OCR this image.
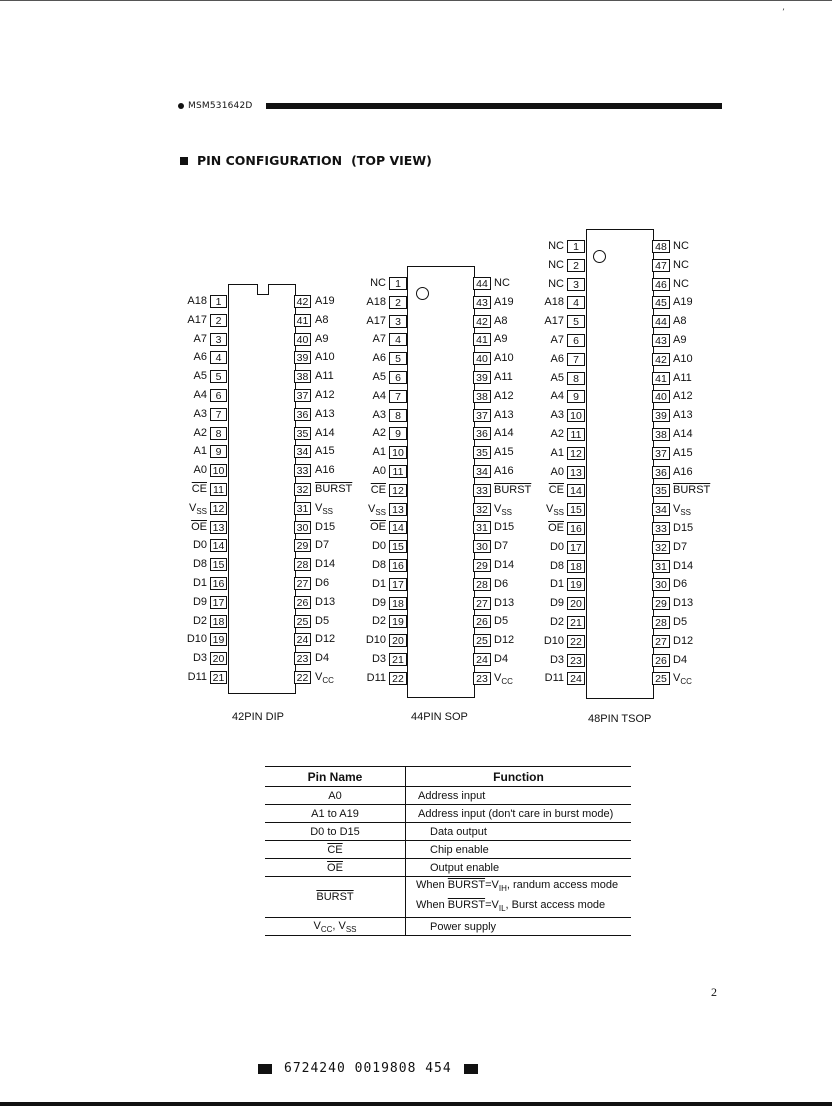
ʼ
MSM531642D
PIN CONFIGURATION (TOP VIEW)
1
A18
2
A17
3
A7
4
A6
5
A5
6
A4
7
A3
8
A2
9
A1
10
A0
11
$\overline{CE}$
12
$V_{SS}$
13
$\overline{OE}$
14
D0
15
D8
16
D1
17
D9
18
D2
19
D10
20
D3
21
D11
42 A19
41 A8
40 A9
39 A10
38 A11
37 A12
36 A13
35 A14
34 A15
33 A16
32 BURST
31 $V_{SS}$
30 D15
29 D7
28 D14
27 D6
26 D13
25 D5
24 D12
23 D4
22 $V_{CC}$
42PIN DIP
1
NC
2
A18
3
A17
4
A7
5
A6
6
A5
7
A4
8
A3
9
A2
10
A1
11
A0
12
$\overline{CE}$
13
$V_{SS}$
14
$\overline{OE}$
15
D0
16
D8
17
D1
18
D9
19
D2
20
D10
21
D3
22
D11
44 NC
43 A19
42 A8
41 A9
40 A10
39 A11
38 A12
37 A13
36 A14
35 A15
34 A16
33 BURST
32 $V_{SS}$
31 D15
30 D7
29 D14
28 D6
27 D13
26 D5
25 D12
24 D4
23 $V_{CC}$
44PIN SOP
1
NC
2
NC
3
NC
4
A18
5
A17
6
A7
7
A6
8
A5
9
A4
10
A3
11
A2
12
A1
13
A0
14
$\overline{CE}$
15
$V_{SS}$
16
$\overline{OE}$
17
D0
18
D8
19
D1
20
D9
21
D2
22
D10
23
D3
24
D11
48 NC
47 NC
46 NC
45 A19
44 A8
43 A9
42 A10
41 A11
40 A12
39 A13
38 A14
37 A15
36 A16
35 BURST
34 $V_{SS}$
33 D15
32 D7
31 D14
30 D6
29 D13
28 D5
27 D12
26 D4
25 $V_{CC}$
48PIN TSOP
Pin Name	Function
A0	Address input
A1 to A19	Address input (don't care in burst mode)
D0 to D15	Data output
$\overline{CE}$	Chip enable
$\overline{OE}$	Output enable
BURST	When $BURST=V_{IH}$, randum access mode
When $BURST=V_{IL}$, Burst access mode

$V_{CC}$, $V_{SS}$	Power supply
2
6724240 0019808 454
